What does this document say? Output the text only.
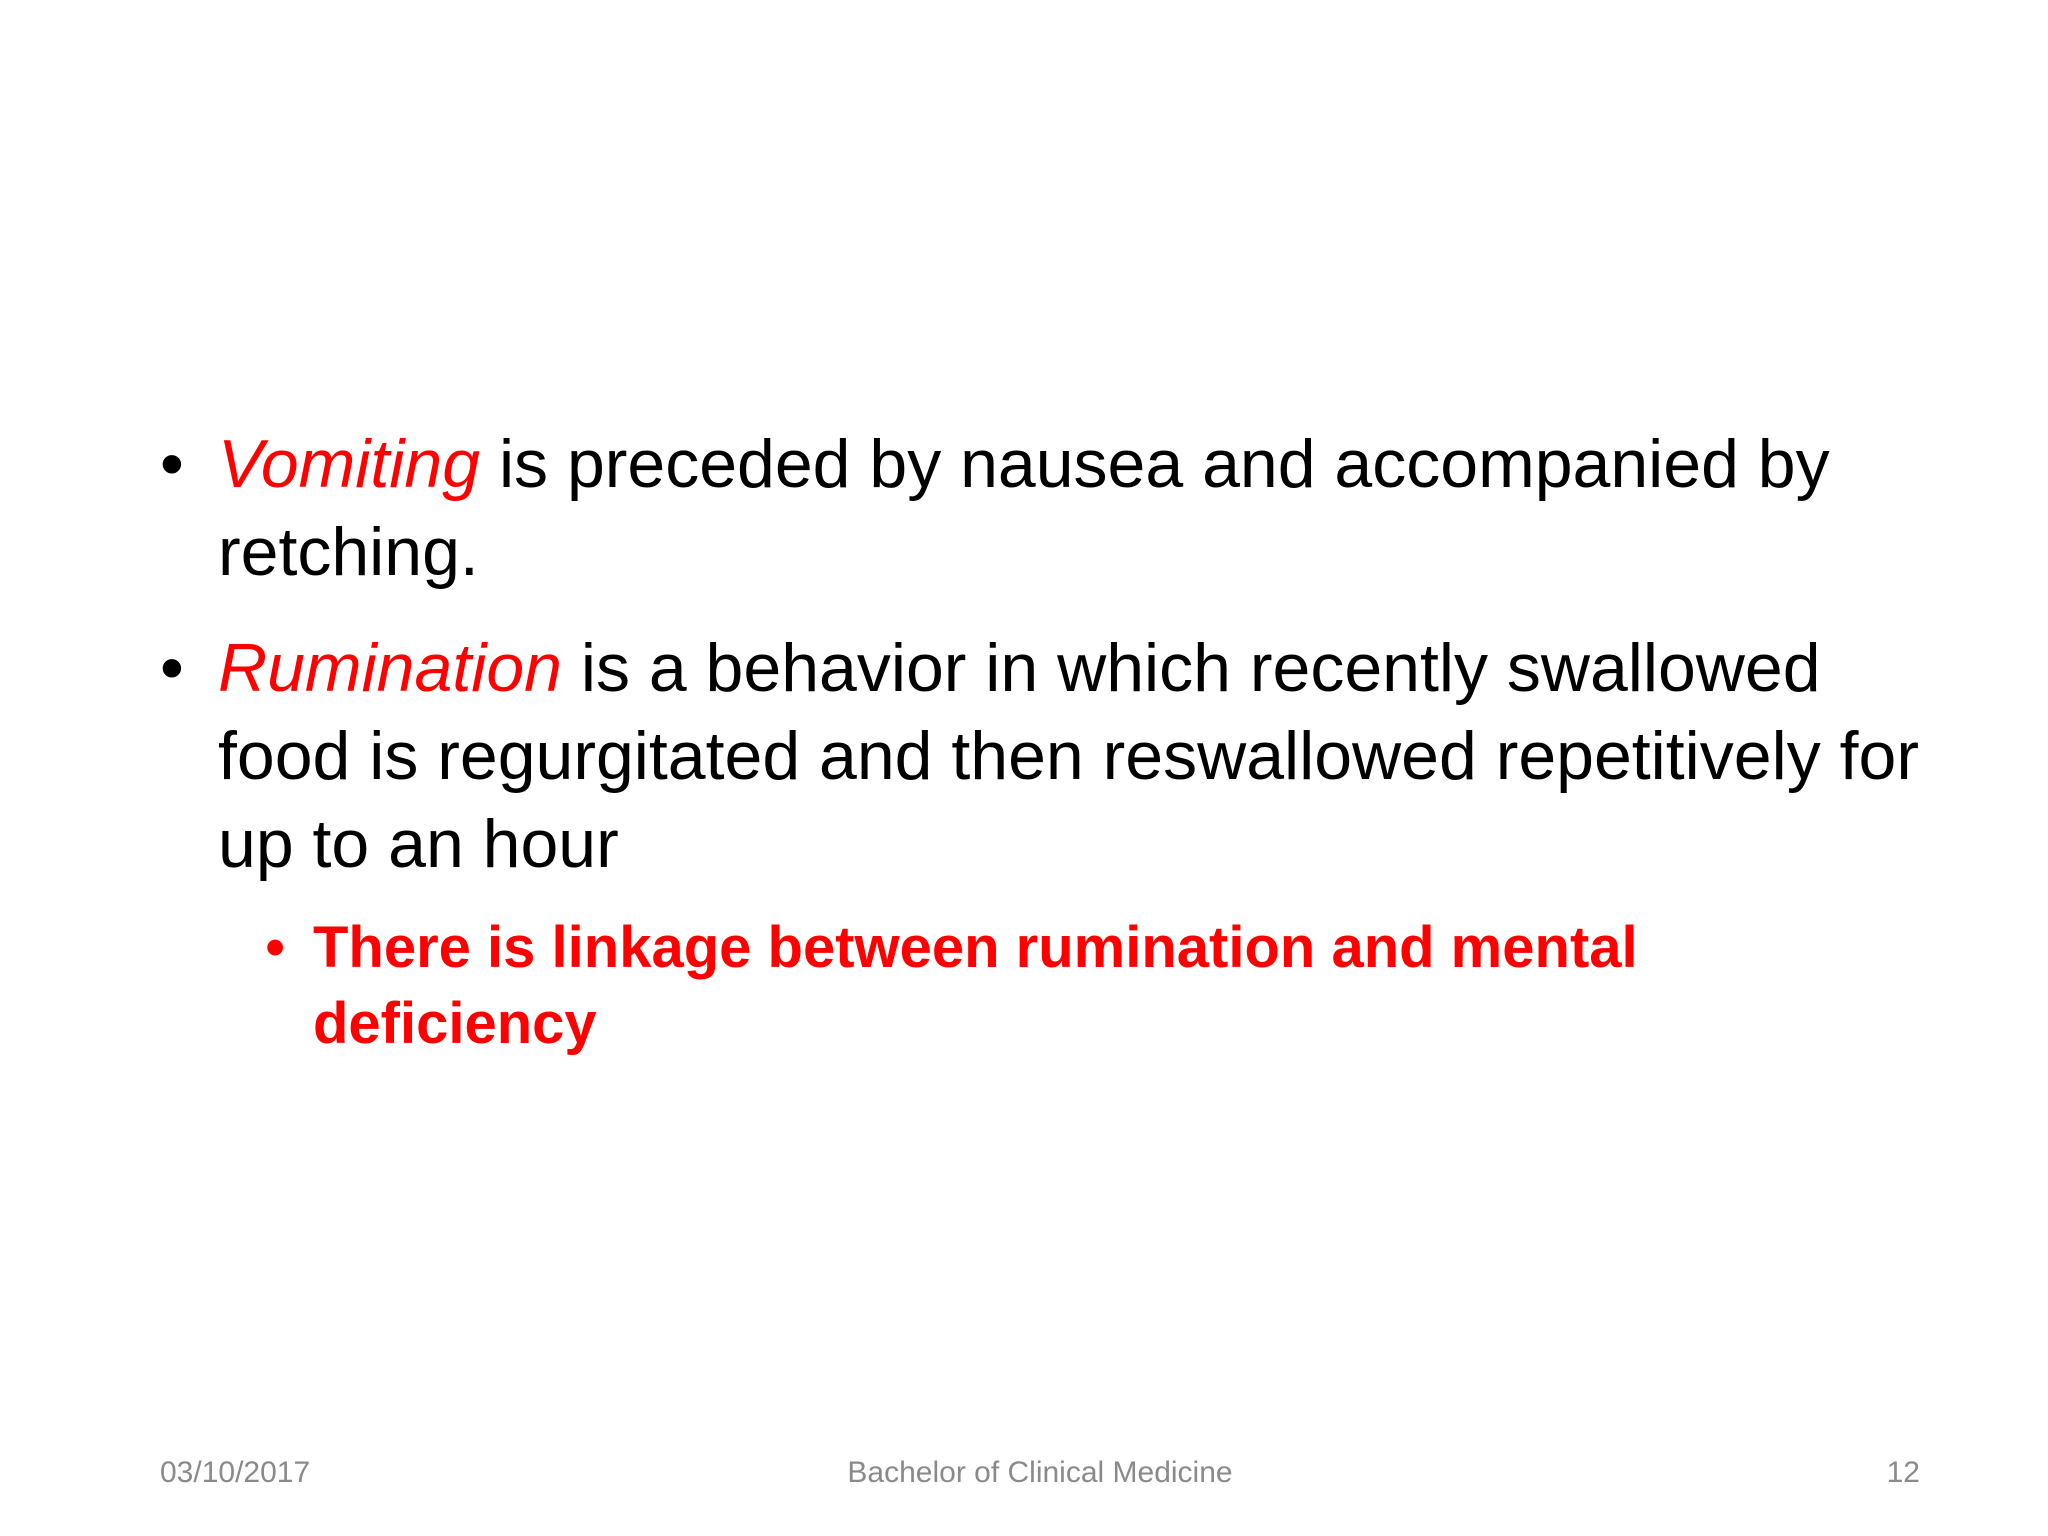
• Vomiting is preceded by nausea and accompanied by retching.
• Rumination is a behavior in which recently swallowed food is regurgitated and then reswallowed repetitively for up to an hour
• There is linkage between rumination and mental deficiency
03/10/2017	Bachelor of Clinical Medicine	12
